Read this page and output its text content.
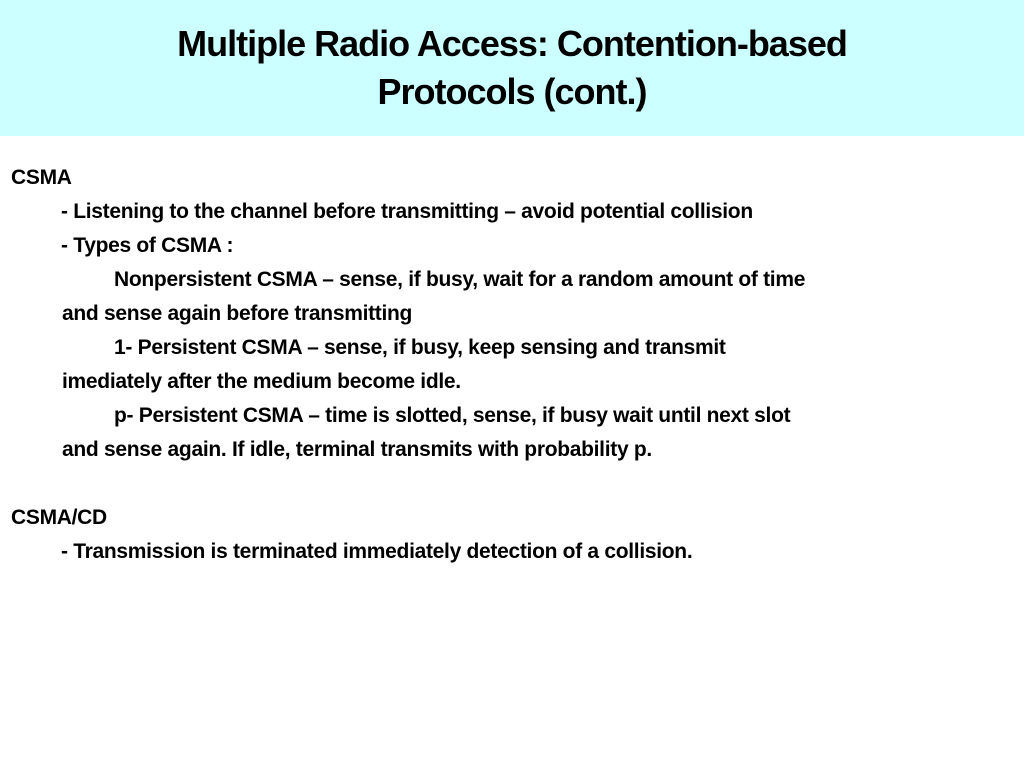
Multiple Radio Access: Contention-based
Protocols (cont.)
CSMA
- Listening to the channel before transmitting – avoid potential collision
- Types of CSMA :
Nonpersistent CSMA – sense, if busy, wait for a random amount of time
and sense again before transmitting
1- Persistent CSMA – sense, if busy, keep sensing and transmit
imediately after the medium become idle.
p- Persistent CSMA – time is slotted, sense, if busy wait until next slot
and sense again. If idle, terminal transmits with probability p.
CSMA/CD
- Transmission is terminated immediately detection of a collision.
